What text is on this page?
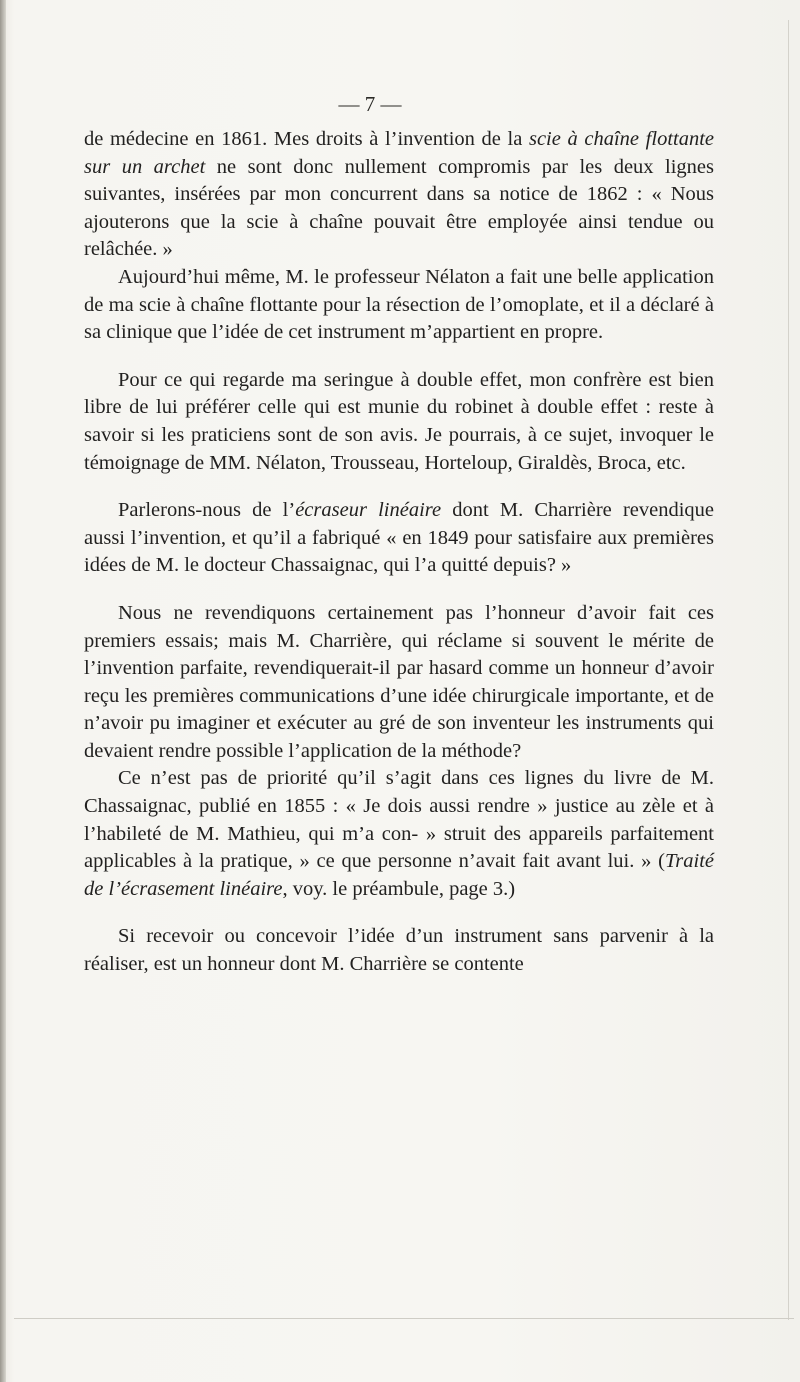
— 7 —

de médecine en 1861. Mes droits à l’invention de la scie à chaîne flottante sur un archet ne sont donc nullement compromis par les deux lignes suivantes, insérées par mon concurrent dans sa notice de 1862 : « Nous ajouterons que la scie à chaîne pouvait être employée ainsi tendue ou relâchée. »

Aujourd’hui même, M. le professeur Nélaton a fait une belle application de ma scie à chaîne flottante pour la résection de l’omoplate, et il a déclaré à sa clinique que l’idée de cet instrument m’appartient en propre.

Pour ce qui regarde ma seringue à double effet, mon confrère est bien libre de lui préférer celle qui est munie du robinet à double effet : reste à savoir si les praticiens sont de son avis. Je pourrais, à ce sujet, invoquer le témoignage de MM. Nélaton, Trousseau, Horteloup, Giraldès, Broca, etc.

Parlerons-nous de l’écraseur linéaire dont M. Charrière revendique aussi l’invention, et qu’il a fabriqué « en 1849 pour satisfaire aux premières idées de M. le docteur Chassaignac, qui l’a quitté depuis? »

Nous ne revendiquons certainement pas l’honneur d’avoir fait ces premiers essais; mais M. Charrière, qui réclame si souvent le mérite de l’invention parfaite, revendiquerait-il par hasard comme un honneur d’avoir reçu les premières communications d’une idée chirurgicale importante, et de n’avoir pu imaginer et exécuter au gré de son inventeur les instruments qui devaient rendre possible l’application de la méthode?

Ce n’est pas de priorité qu’il s’agit dans ces lignes du livre de M. Chassaignac, publié en 1855 : « Je dois aussi rendre » justice au zèle et à l’habileté de M. Mathieu, qui m’a con- » struit des appareils parfaitement applicables à la pratique, » ce que personne n’avait fait avant lui. » (Traité de l’écrasement linéaire, voy. le préambule, page 3.)

Si recevoir ou concevoir l’idée d’un instrument sans parvenir à la réaliser, est un honneur dont M. Charrière se contente
